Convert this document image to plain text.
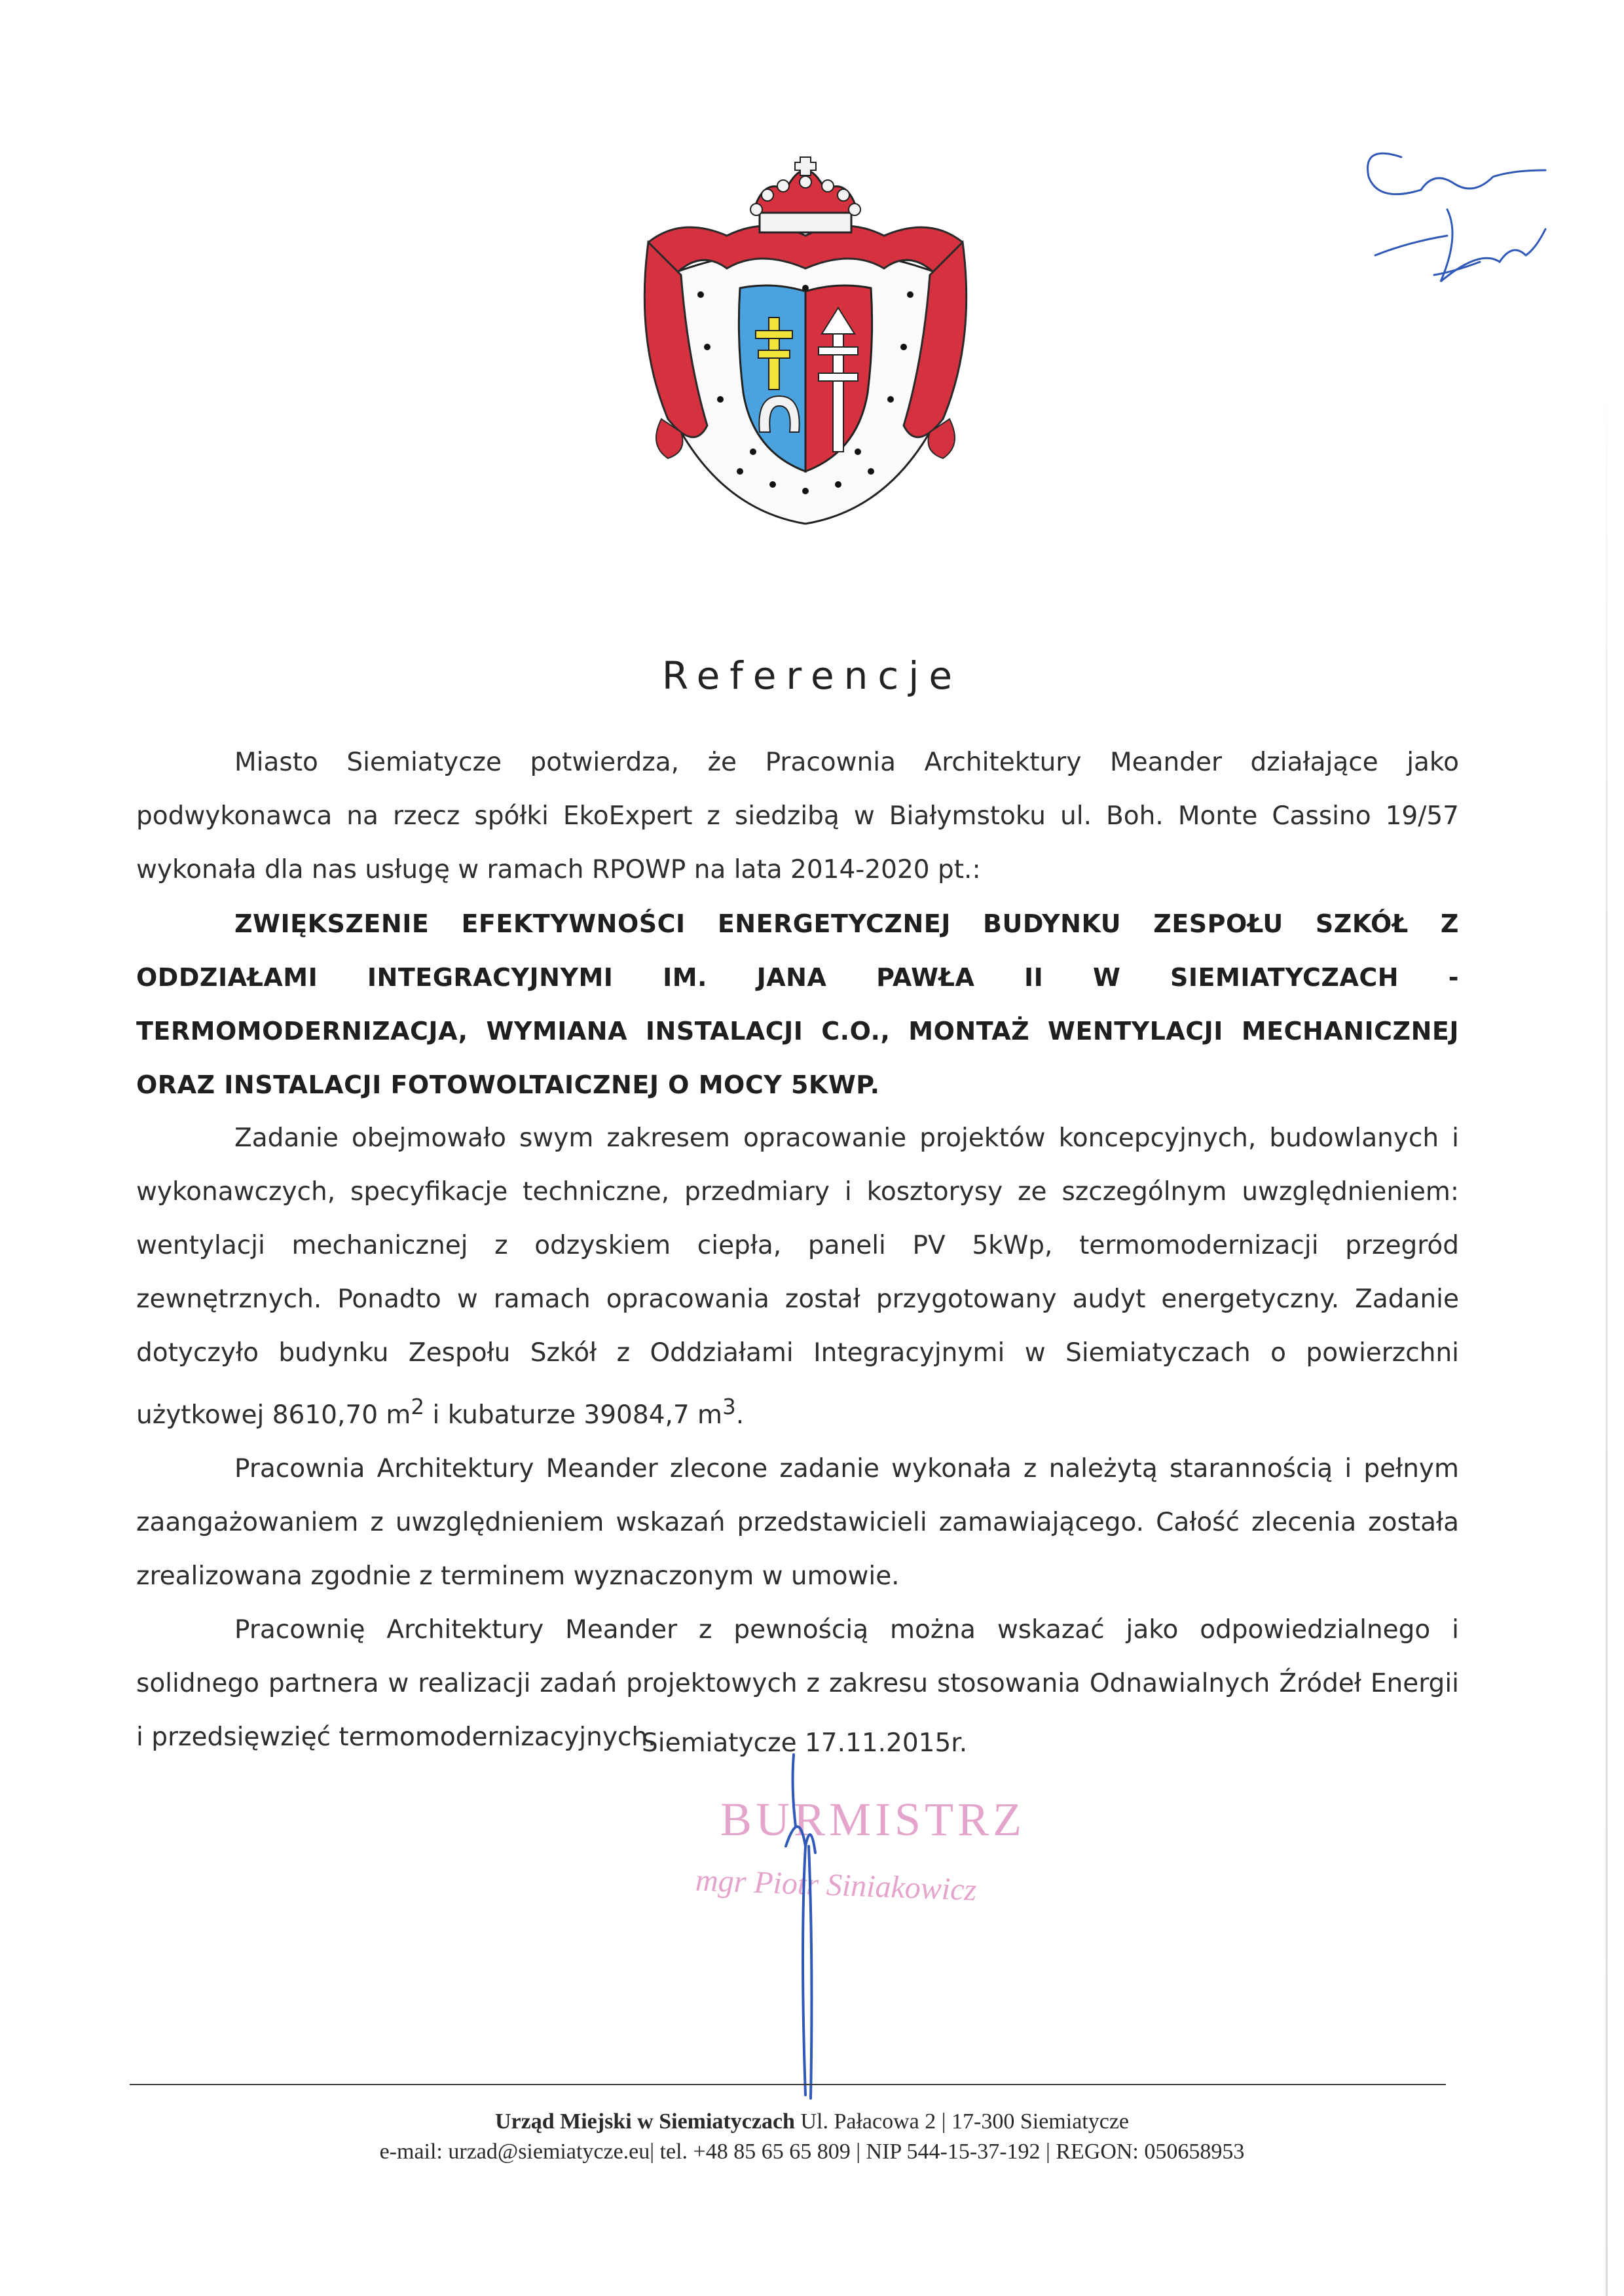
Referencje

Miasto Siemiatycze potwierdza, że Pracownia Architektury Meander działające jako podwykonawca na rzecz spółki EkoExpert z siedzibą w Białymstoku ul. Boh. Monte Cassino 19/57 wykonała dla nas usługę w ramach RPOWP na lata 2014-2020 pt.:

ZWIĘKSZENIE EFEKTYWNOŚCI ENERGETYCZNEJ BUDYNKU ZESPOŁU SZKÓŁ Z ODDZIAŁAMI INTEGRACYJNYMI IM. JANA PAWŁA II W SIEMIATYCZACH - TERMOMODERNIZACJA, WYMIANA INSTALACJI C.O., MONTAŻ WENTYLACJI MECHANICZNEJ ORAZ INSTALACJI FOTOWOLTAICZNEJ O MOCY 5KWP.

Zadanie obejmowało swym zakresem opracowanie projektów koncepcyjnych, budowlanych i wykonawczych, specyfikacje techniczne, przedmiary i kosztorysy ze szczególnym uwzględnieniem: wentylacji mechanicznej z odzyskiem ciepła, paneli PV 5kWp, termomodernizacji przegród zewnętrznych. Ponadto w ramach opracowania został przygotowany audyt energetyczny. Zadanie dotyczyło budynku Zespołu Szkół z Oddziałami Integracyjnymi w Siemiatyczach o powierzchni użytkowej 8610,70 $m^2$ i kubaturze 39084,7 $m^3$.

Pracownia Architektury Meander zlecone zadanie wykonała z należytą starannością i pełnym zaangażowaniem z uwzględnieniem wskazań przedstawicieli zamawiającego. Całość zlecenia została zrealizowana zgodnie z terminem wyznaczonym w umowie.

Pracownię Architektury Meander z pewnością można wskazać jako odpowiedzialnego i solidnego partnera w realizacji zadań projektowych z zakresu stosowania Odnawialnych Źródeł Energii i przedsięwzięć termomodernizacyjnych.

Siemiatycze 17.11.2015r.
BURMISTRZ
mgr Piotr Siniakowicz
Urząd Miejski w Siemiatyczach Ul. Pałacowa 2 | 17-300 Siemiatycze
e-mail: urzad@siemiatycze.eu| tel. +48 85 65 65 809 | NIP 544-15-37-192 | REGON: 050658953
